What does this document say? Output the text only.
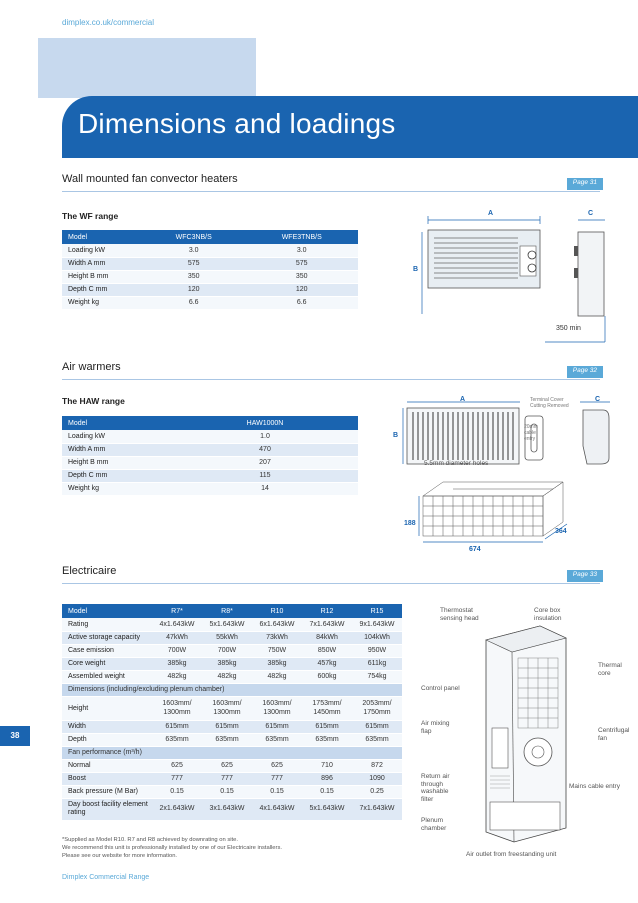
dimplex.co.uk/commercial
Dimensions and loadings
Wall mounted fan convector heaters	Page 31
The WF range
Model	WFC3NB/S	WFE3TNB/S
Loading kW	3.0	3.0
Width A mm	575	575
Height B mm	350	350
Depth C mm	120	120
Weight kg	6.6	6.6
A	C
B
350 min
Air warmers	Page 32
The HAW range
Model	HAW1000N
Loading kW	1.0
Width A mm	470
Height B mm	207
Depth C mm	115
Weight kg	14
A	C
B
5.5mm diameter holes
Terminal Cover Cutting Removed
20mm cable entry
188
674
364
Electricaire	Page 33
Model	R7*	R8*	R10	R12	R15
Rating	4x1.643kW	5x1.643kW	6x1.643kW	7x1.643kW	9x1.643kW
Active storage capacity	47kWh	55kWh	73kWh	84kWh	104kWh
Case emission	700W	700W	750W	850W	950W
Core weight	385kg	385kg	385kg	457kg	611kg
Assembled weight	482kg	482kg	482kg	600kg	754kg
Dimensions (including/excluding plenum chamber)					
Height	1603mm/ 1300mm	1603mm/ 1300mm	1603mm/ 1300mm	1753mm/ 1450mm	2053mm/ 1750mm
Width	615mm	615mm	615mm	615mm	615mm
Depth	635mm	635mm	635mm	635mm	635mm
Fan performance (m³/h)					
Normal	625	625	625	710	872
Boost	777	777	777	896	1090
Back pressure (M Bar)	0.15	0.15	0.15	0.15	0.25
Day boost facility element rating	2x1.643kW	3x1.643kW	4x1.643kW	5x1.643kW	7x1.643kW
Thermostat sensing head
Core box insulation
Thermal core
Control panel
Air mixing flap	Centrifugal fan
Return air through washable filter
Mains cable entry
Plenum chamber
Air outlet from freestanding unit
38
*Supplied as Model R10. R7 and R8 achieved by downrating on site.
We recommend this unit is professionally installed by one of our Electricaire installers.
Please see our website for more information.
Dimplex Commercial Range
